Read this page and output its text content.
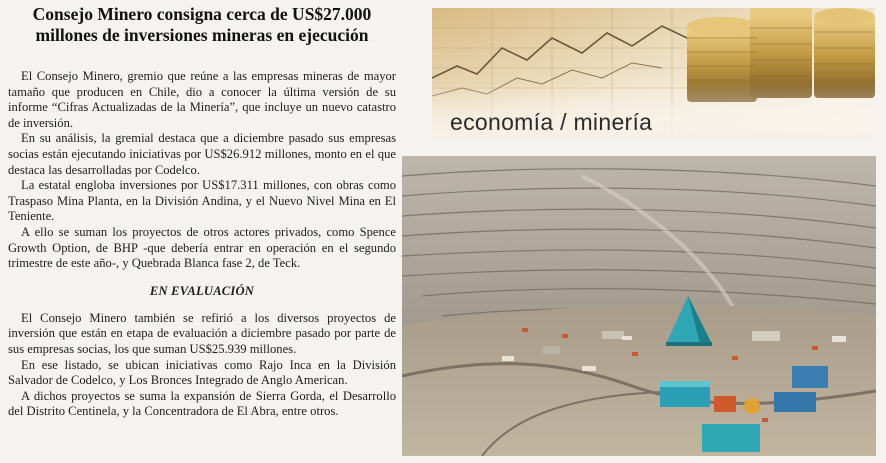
Consejo Minero consigna cerca de US$27.000 millones de inversiones mineras en ejecución

El Consejo Minero, gremio que reúne a las empresas mineras de mayor tamaño que producen en Chile, dio a conocer la última versión de su informe “Cifras Actualizadas de la Minería”, que incluye un nuevo catastro de inversión.

En su análisis, la gremial destaca que a diciembre pasado sus empresas socias están ejecutando iniciativas por US$26.912 millones, monto en el que destaca las desarrolladas por Codelco.

La estatal engloba inversiones por US$17.311 millones, con obras como Traspaso Mina Planta, en la División Andina, y el Nuevo Nivel Mina en El Teniente.

A ello se suman los proyectos de otros actores privados, como Spence Growth Option, de BHP -que debería entrar en operación en el segundo trimestre de este año-, y Quebrada Blanca fase 2, de Teck.

EN EVALUACIÓN

El Consejo Minero también se refirió a los diversos proyectos de inversión que están en etapa de evaluación a diciembre pasado por parte de sus empresas socias, los que suman US$25.939 millones.

En ese listado, se ubican iniciativas como Rajo Inca en la División Salvador de Codelco, y Los Bronces Integrado de Anglo American.

A dichos proyectos se suma la expansión de Sierra Gorda, el Desarrollo del Distrito Centinela, y la Concentradora de El Abra, entre otros.

economía / minería
